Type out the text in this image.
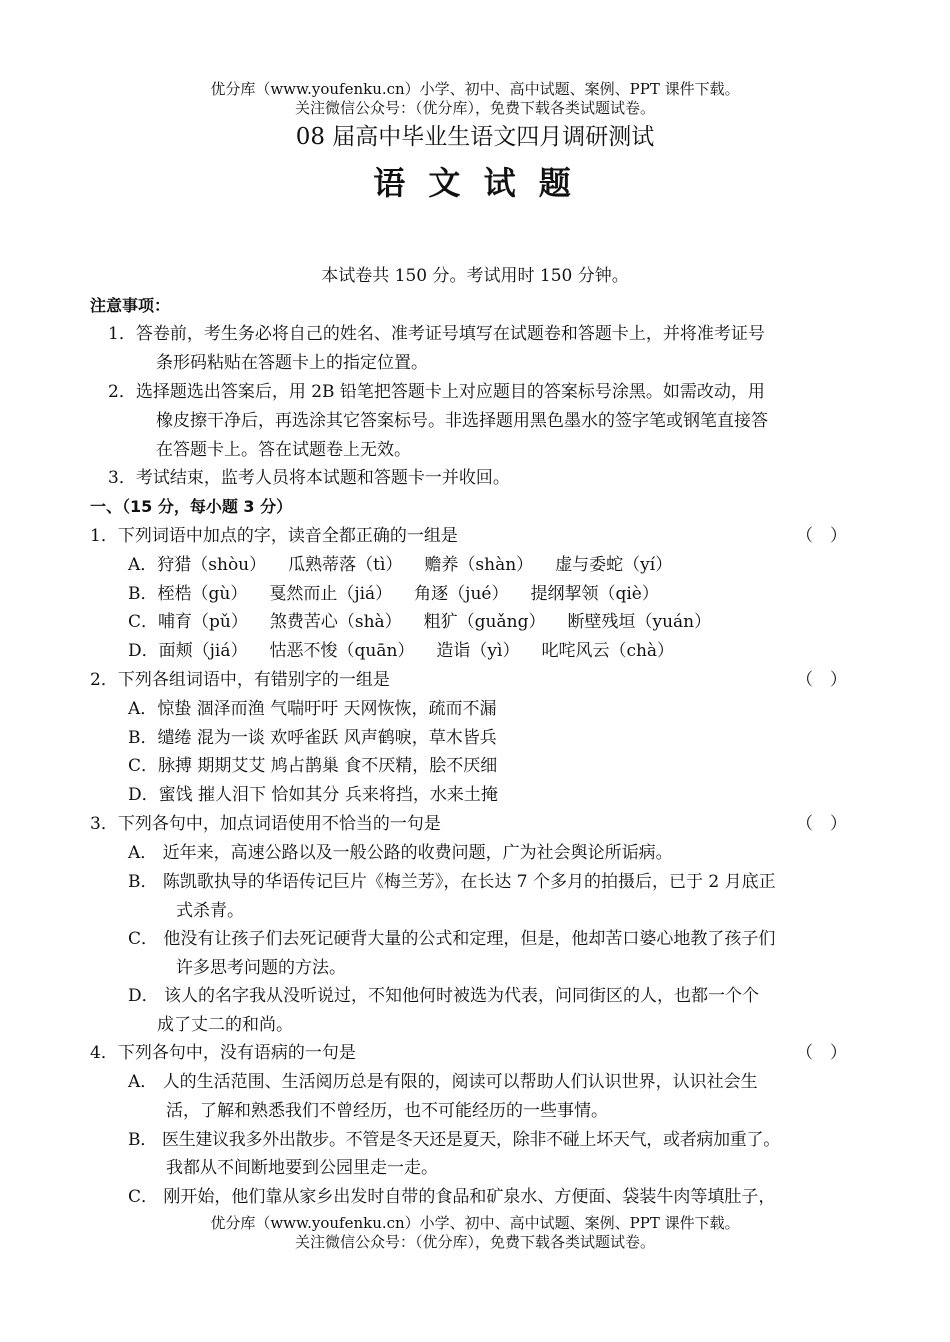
优分库（www.youfenku.cn）小学、初中、高中试题、案例、PPT 课件下载。
关注微信公众号：（优分库），免费下载各类试题试卷。
08 届高中毕业生语文四月调研测试
语 文 试 题
本试卷共 150 分。考试用时 150 分钟。
注意事项：
1．答卷前，考生务必将自己的姓名、准考证号填写在试题卷和答题卡上，并将准考证号
条形码粘贴在答题卡上的指定位置。
2．选择题选出答案后，用 2B 铅笔把答题卡上对应题目的答案标号涂黑。如需改动，用
橡皮擦干净后，再选涂其它答案标号。非选择题用黑色墨水的签字笔或钢笔直接答
在答题卡上。答在试题卷上无效。
3．考试结束，监考人员将本试题和答题卡一并收回。
一、（15 分，每小题 3 分）
1．下列词语中加点的字，读音全都正确的一组是	（　）
A．狩猎（shòu） 瓜熟蒂落（tì） 赡养（shàn） 虚与委蛇（yí）
B．桎梏（gù） 戛然而止（jiá） 角逐（jué） 提纲挈领（qiè）
C．哺育（pǔ） 煞费苦心（shà） 粗犷（guǎng） 断壁残垣（yuán）
D．面颊（jiá） 怙恶不悛（quān） 造诣（yì） 叱咤风云（chà）
2．下列各组词语中，有错别字的一组是	（　）
A．惊蛰 涸泽而渔 气喘吁吁 天网恢恢，疏而不漏
B．缱绻 混为一谈 欢呼雀跃 风声鹤唳，草木皆兵
C．脉搏 期期艾艾 鸠占鹊巢 食不厌精，脍不厌细
D．蜜饯 摧人泪下 恰如其分 兵来将挡，水来土掩
3．下列各句中，加点词语使用不恰当的一句是	（　）
A． 近年来，高速公路以及一般公路的收费问题，广为社会舆论所诟病。
B． 陈凯歌执导的华语传记巨片《梅兰芳》，在长达 7 个多月的拍摄后，已于 2 月底正
式杀青。
C． 他没有让孩子们去死记硬背大量的公式和定理，但是，他却苦口婆心地教了孩子们
许多思考问题的方法。
D． 该人的名字我从没听说过，不知他何时被选为代表，问同街区的人，也都一个个
成了丈二的和尚。
4．下列各句中，没有语病的一句是	（　）
A． 人的生活范围、生活阅历总是有限的，阅读可以帮助人们认识世界，认识社会生
活，了解和熟悉我们不曾经历，也不可能经历的一些事情。
B． 医生建议我多外出散步。不管是冬天还是夏天，除非不碰上坏天气，或者病加重了。
我都从不间断地要到公园里走一走。
C． 刚开始，他们靠从家乡出发时自带的食品和矿泉水、方便面、袋装牛肉等填肚子，
优分库（www.youfenku.cn）小学、初中、高中试题、案例、PPT 课件下载。
关注微信公众号：（优分库），免费下载各类试题试卷。
